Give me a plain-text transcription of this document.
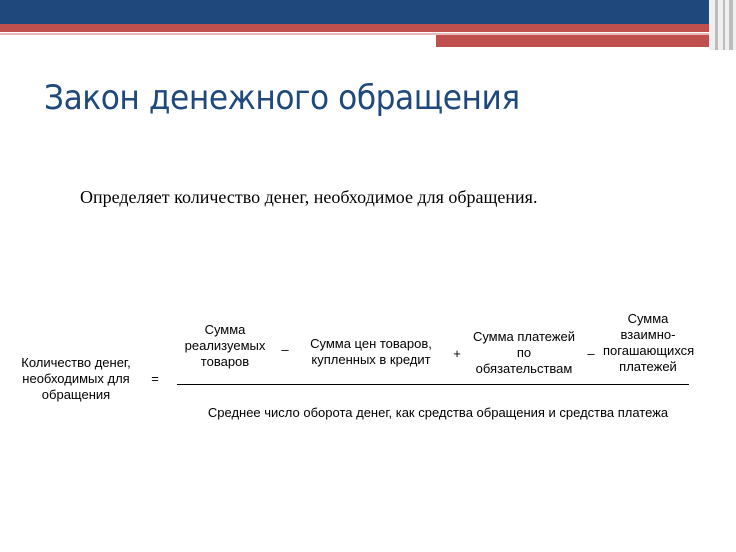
Закон денежного обращения
Определяет количество денег, необходимое для обращения.
Количество денег, необходимых для обращения
=
Сумма реализуемых товаров
–	Сумма цен товаров, купленных в кредит	+
Сумма платежей по обязательствам
–
Сумма взаимно-погашающихся платежей
Среднее число оборота денег, как средства обращения и средства платежа
